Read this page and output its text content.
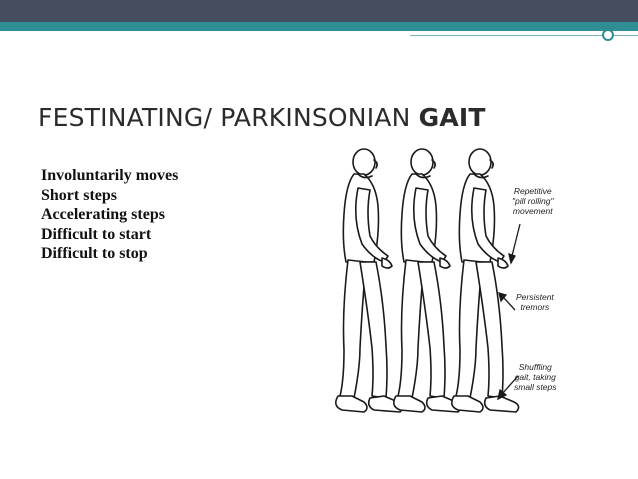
FESTINATING/ PARKINSONIAN GAIT
Involuntarily moves
Short steps
Accelerating steps
Difficult to start
Difficult to stop
Repetitive
"pill rolling"
movement
Persistent
tremors
Shuffling
gait, taking
small steps
